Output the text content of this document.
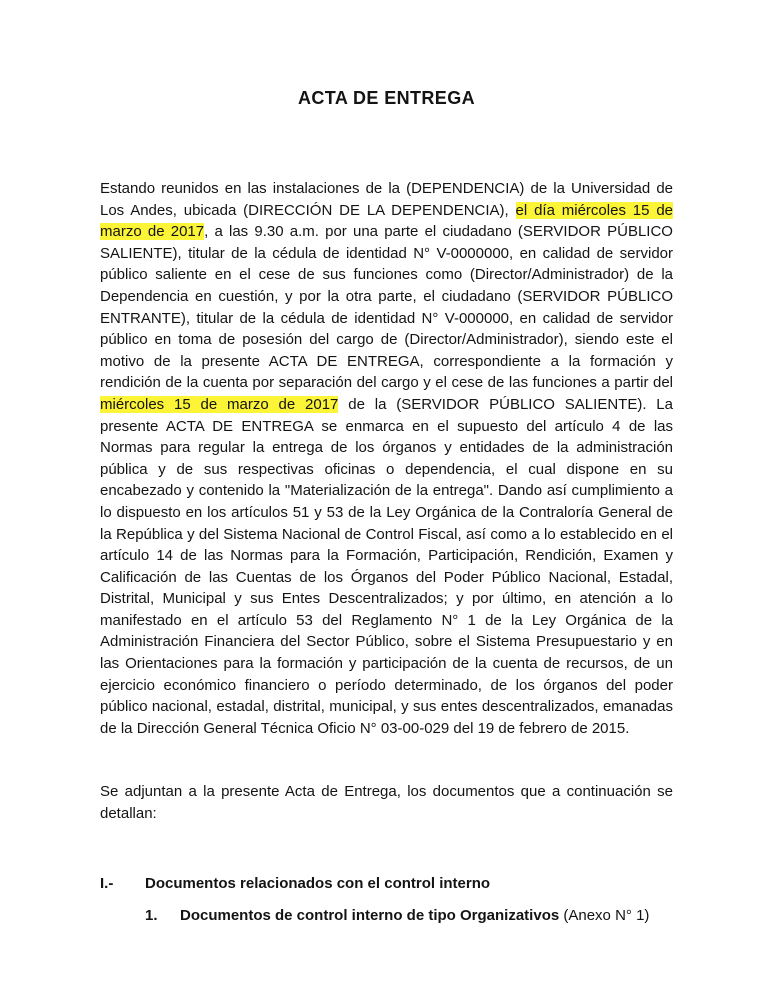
ACTA DE ENTREGA

Estando reunidos en las instalaciones de la (DEPENDENCIA) de la Universidad de Los Andes, ubicada (DIRECCIÓN DE LA DEPENDENCIA), el día miércoles 15 de marzo de 2017, a las 9.30 a.m. por una parte el ciudadano (SERVIDOR PÚBLICO SALIENTE), titular de la cédula de identidad N° V-0000000, en calidad de servidor público saliente en el cese de sus funciones como (Director/Administrador) de la Dependencia en cuestión, y por la otra parte, el ciudadano (SERVIDOR PÚBLICO ENTRANTE), titular de la cédula de identidad N° V-000000, en calidad de servidor público en toma de posesión del cargo de (Director/Administrador), siendo este el motivo de la presente ACTA DE ENTREGA, correspondiente a la formación y rendición de la cuenta por separación del cargo y el cese de las funciones a partir del miércoles 15 de marzo de 2017 de la (SERVIDOR PÚBLICO SALIENTE). La presente ACTA DE ENTREGA se enmarca en el supuesto del artículo 4 de las Normas para regular la entrega de los órganos y entidades de la administración pública y de sus respectivas oficinas o dependencia, el cual dispone en su encabezado y contenido la "Materialización de la entrega". Dando así cumplimiento a lo dispuesto en los artículos 51 y 53 de la Ley Orgánica de la Contraloría General de la República y del Sistema Nacional de Control Fiscal, así como a lo establecido en el artículo 14 de las Normas para la Formación, Participación, Rendición, Examen y Calificación de las Cuentas de los Órganos del Poder Público Nacional, Estadal, Distrital, Municipal y sus Entes Descentralizados; y por último, en atención a lo manifestado en el artículo 53 del Reglamento N° 1 de la Ley Orgánica de la Administración Financiera del Sector Público, sobre el Sistema Presupuestario y en las Orientaciones para la formación y participación de la cuenta de recursos, de un ejercicio económico financiero o período determinado, de los órganos del poder público nacional, estadal, distrital, municipal, y sus entes descentralizados, emanadas de la Dirección General Técnica Oficio N° 03-00-029 del 19 de febrero de 2015.

Se adjuntan a la presente Acta de Entrega, los documentos que a continuación se detallan:

I.-	Documentos relacionados con el control interno
1.	Documentos de control interno de tipo Organizativos (Anexo N° 1)
